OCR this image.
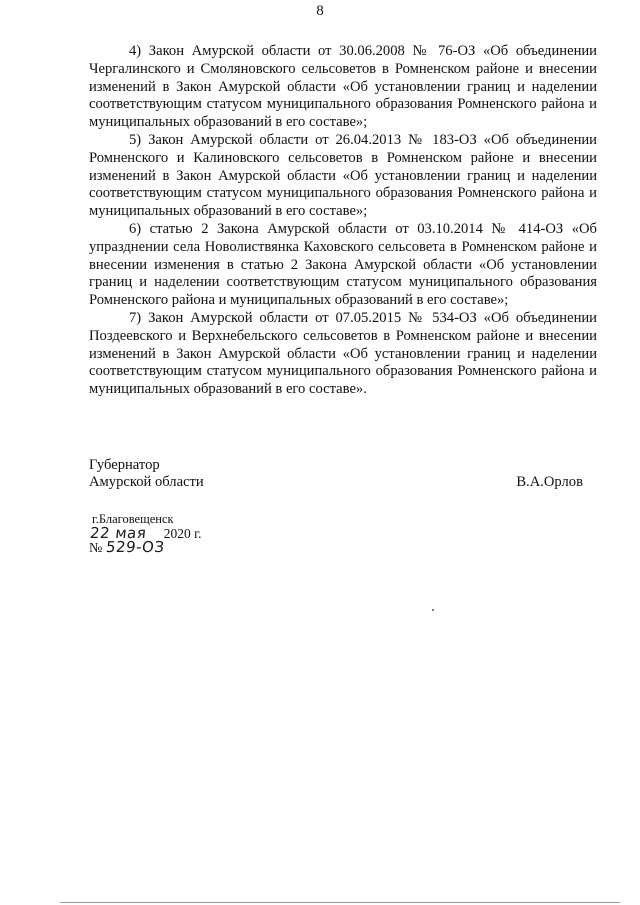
8

4) Закон Амурской области от 30.06.2008 № 76-ОЗ «Об объединении Чергалинского и Смоляновского сельсоветов в Ромненском районе и внесении изменений в Закон Амурской области «Об установлении границ и наделении соответствующим статусом муниципального образования Ромненского района и муниципальных образований в его составе»;

5) Закон Амурской области от 26.04.2013 № 183-ОЗ «Об объединении Ромненского и Калиновского сельсоветов в Ромненском районе и внесении изменений в Закон Амурской области «Об установлении границ и наделении соответствующим статусом муниципального образования Ромненского района и муниципальных образований в его составе»;

6) статью 2 Закона Амурской области от 03.10.2014 № 414-ОЗ «Об упразднении села Новолиствянка Каховского сельсовета в Ромненском районе и внесении изменения в статью 2 Закона Амурской области «Об установлении границ и наделении соответствующим статусом муниципального образования Ромненского района и муниципальных образований в его составе»;

7) Закон Амурской области от 07.05.2015 № 534-ОЗ «Об объединении Поздеевского и Верхнебельского сельсоветов в Ромненском районе и внесении изменений в Закон Амурской области «Об установлении границ и наделении соответствующим статусом муниципального образования Ромненского района и муниципальных образований в его составе».

Губернатор
Амурской области	В.А.Орлов
г.Благовещенск
22 мая 2020 г.
№ 529-ОЗ
